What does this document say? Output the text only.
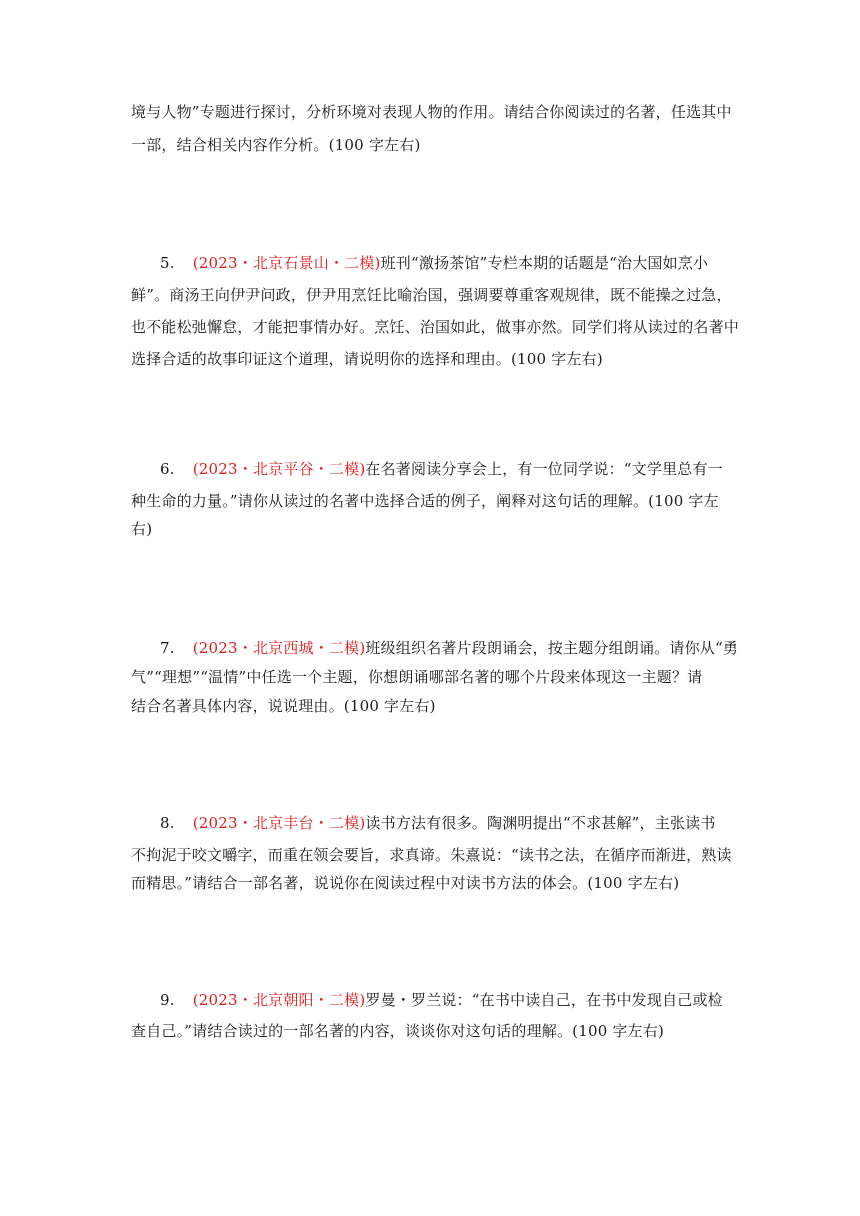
境与人物”专题进行探讨，分析环境对表现人物的作用。请结合你阅读过的名著，任选其中
一部，结合相关内容作分析。(100 字左右)
5. (2023・北京石景山・二模)班刊“激扬茶馆”专栏本期的话题是“治大国如烹小
鲜”。商汤王向伊尹问政，伊尹用烹饪比喻治国，强调要尊重客观规律，既不能操之过急，
也不能松弛懈怠，才能把事情办好。烹饪、治国如此，做事亦然。同学们将从读过的名著中
选择合适的故事印证这个道理，请说明你的选择和理由。(100 字左右)
6. (2023・北京平谷・二模)在名著阅读分享会上，有一位同学说：“文学里总有一
种生命的力量。”请你从读过的名著中选择合适的例子，阐释对这句话的理解。(100 字左
右)
7. (2023・北京西城・二模)班级组织名著片段朗诵会，按主题分组朗诵。请你从“勇
气”“理想”“温情”中任选一个主题，你想朗诵哪部名著的哪个片段来体现这一主题？请
结合名著具体内容，说说理由。(100 字左右)
8. (2023・北京丰台・二模)读书方法有很多。陶渊明提出“不求甚解”，主张读书
不拘泥于咬文嚼字，而重在领会要旨，求真谛。朱熹说：“读书之法，在循序而渐进，熟读
而精思。”请结合一部名著，说说你在阅读过程中对读书方法的体会。(100 字左右)
9. (2023・北京朝阳・二模)罗曼・罗兰说：“在书中读自己，在书中发现自己或检
查自己。”请结合读过的一部名著的内容，谈谈你对这句话的理解。(100 字左右)
